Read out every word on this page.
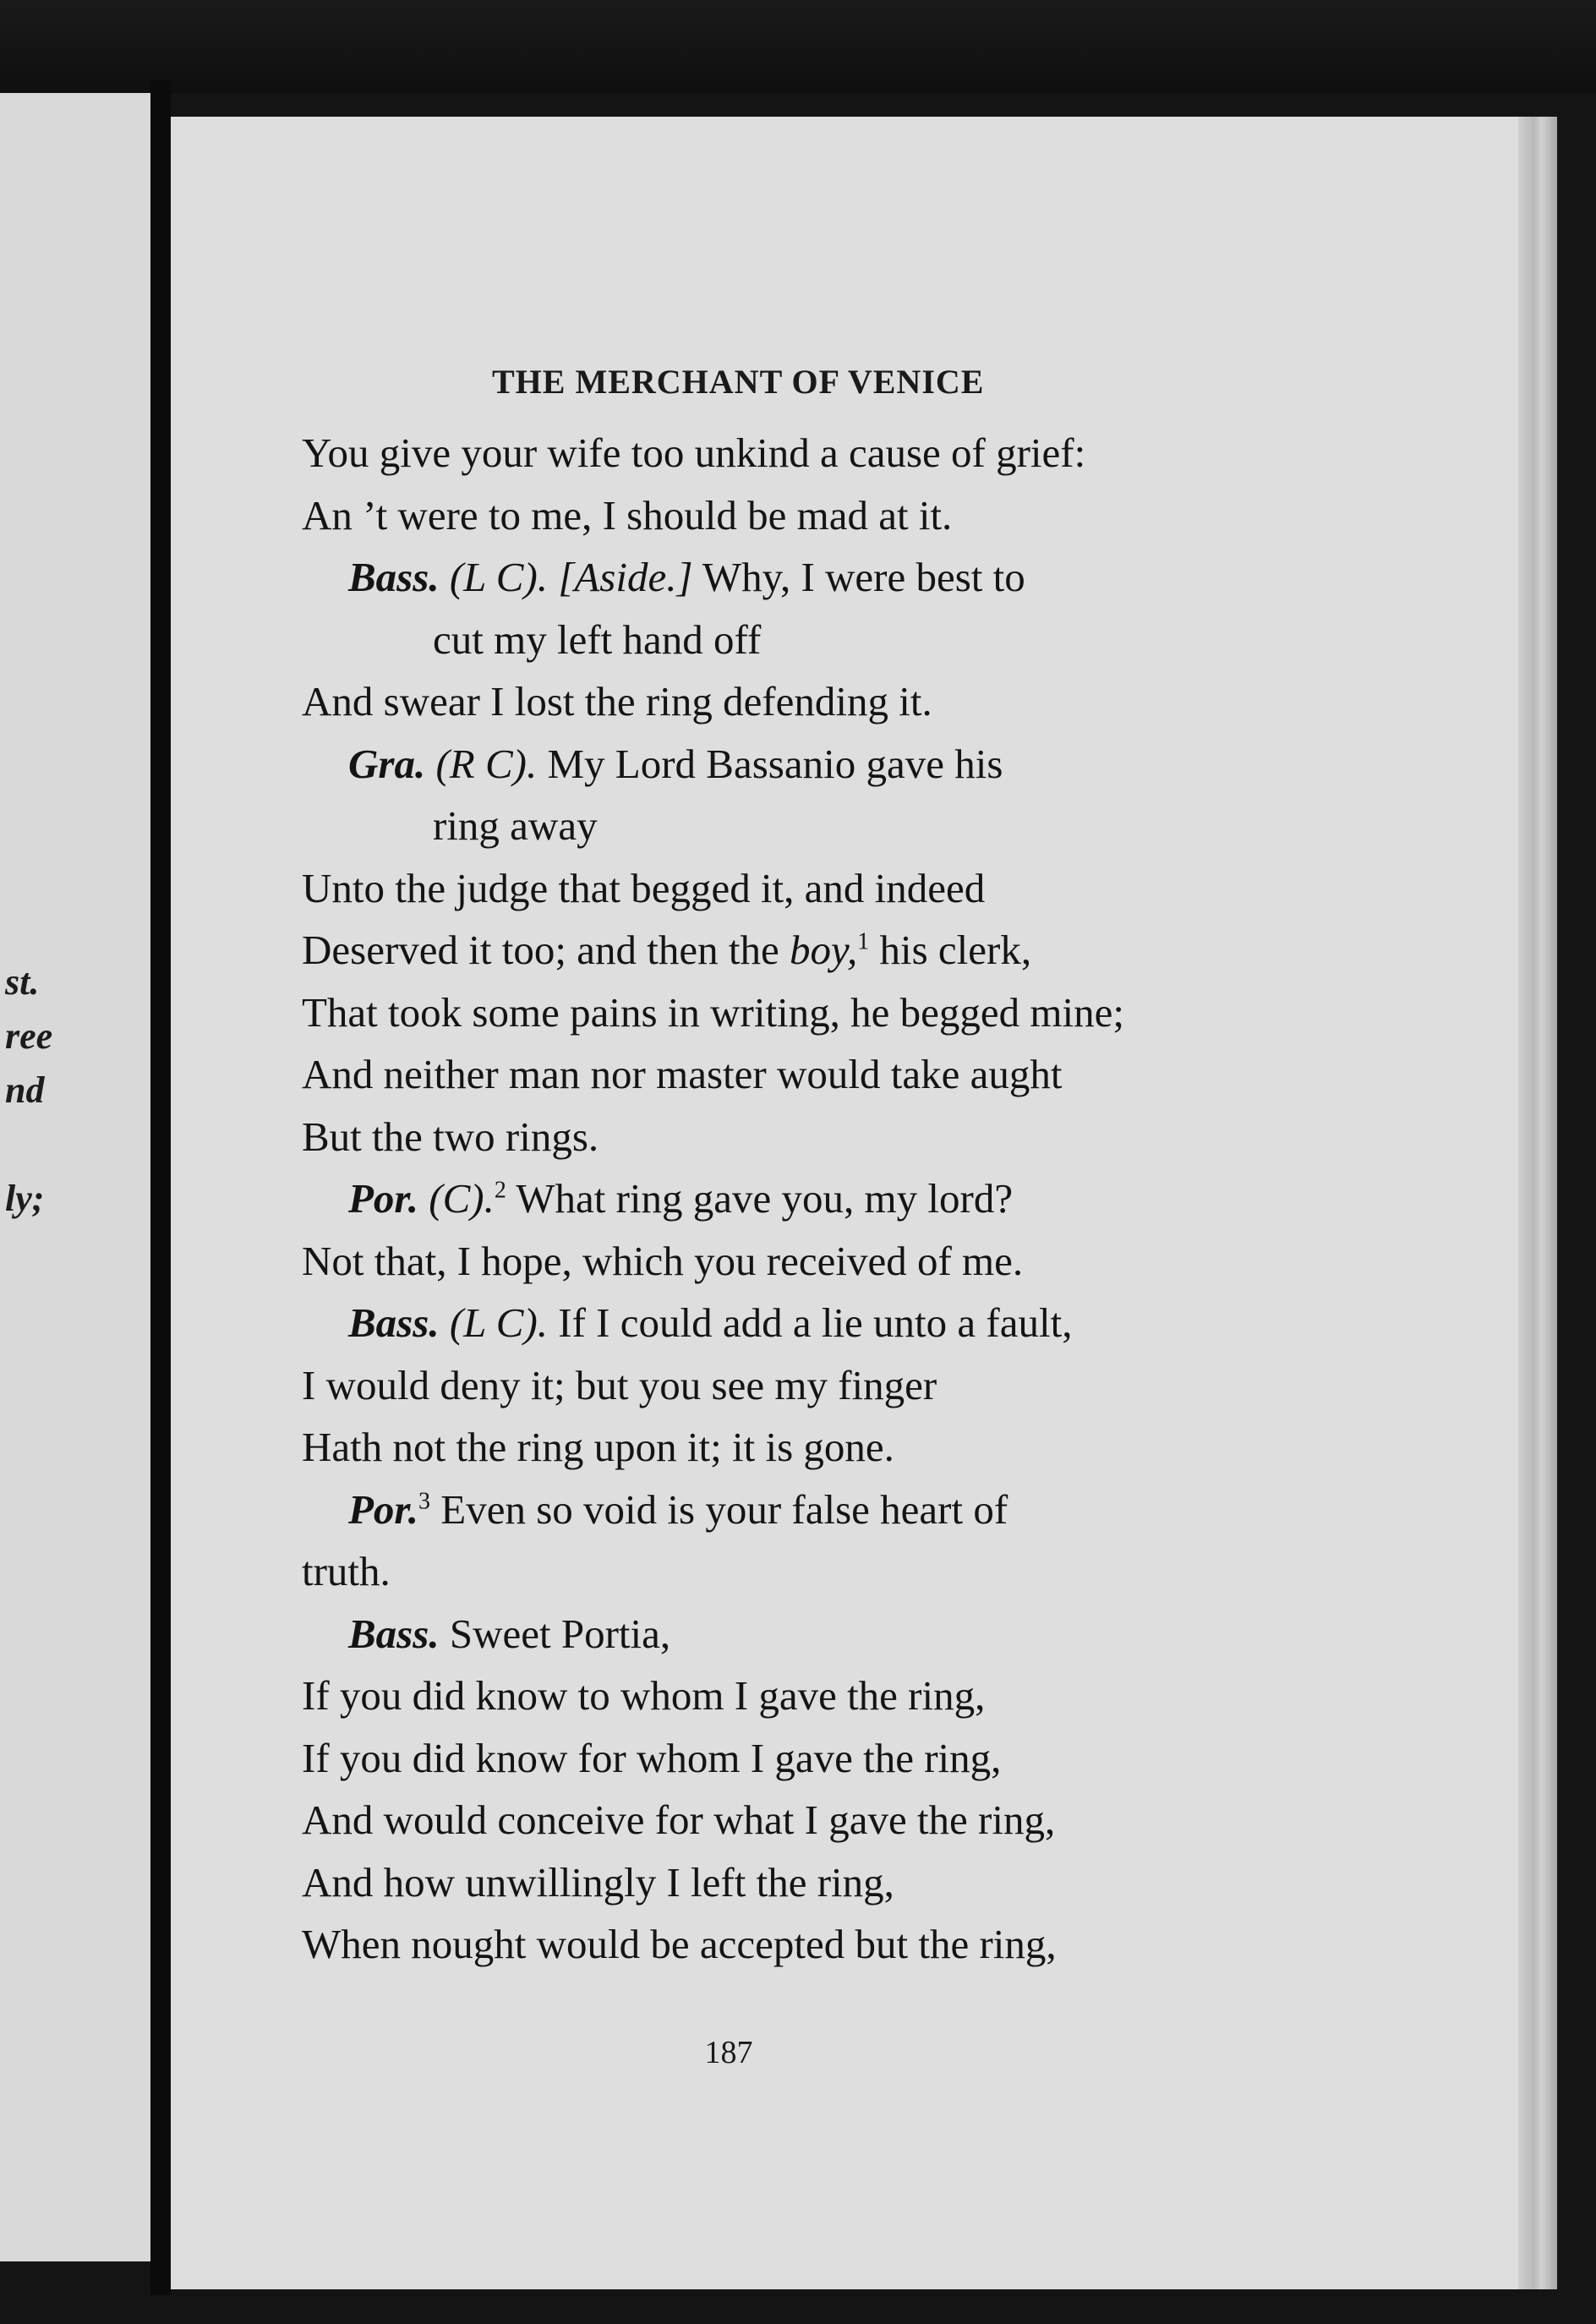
st.
ree
nd
ly;
THE MERCHANT OF VENICE
You give your wife too unkind a cause of grief:
An ’t were to me, I should be mad at it.
Bass. (L C). [Aside.] Why, I were best to
cut my left hand off
And swear I lost the ring defending it.
Gra. (R C). My Lord Bassanio gave his
ring away
Unto the judge that begged it, and indeed
Deserved it too; and then the boy,$^1$ his clerk,
That took some pains in writing, he begged mine;
And neither man nor master would take aught
But the two rings.
Por. (C).$^2$ What ring gave you, my lord?
Not that, I hope, which you received of me.
Bass. (L C). If I could add a lie unto a fault,
I would deny it; but you see my finger
Hath not the ring upon it; it is gone.
Por.$^3$ Even so void is your false heart of
truth.
Bass. Sweet Portia,
If you did know to whom I gave the ring,
If you did know for whom I gave the ring,
And would conceive for what I gave the ring,
And how unwillingly I left the ring,
When nought would be accepted but the ring,
187
